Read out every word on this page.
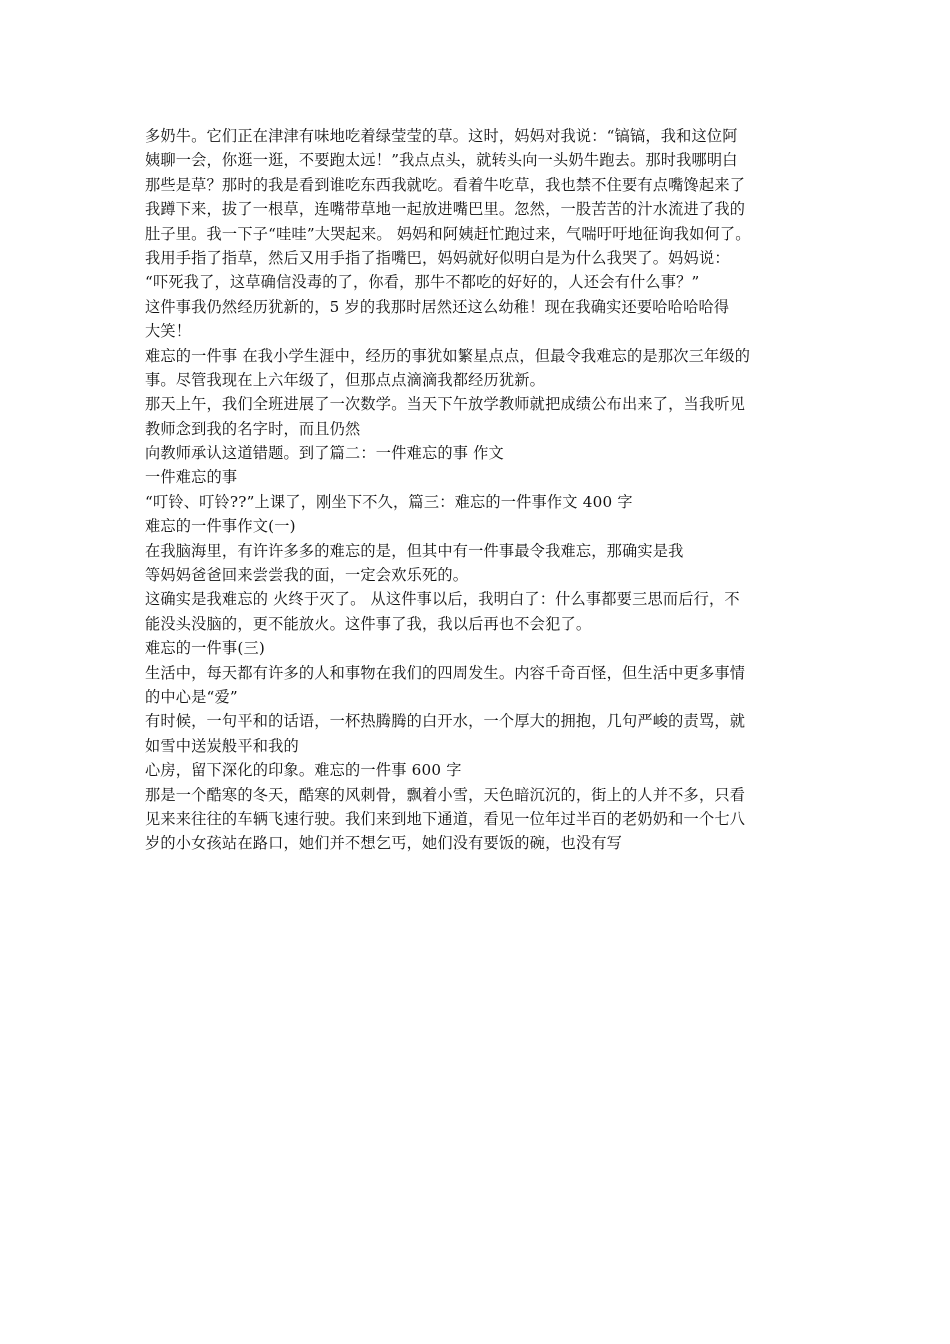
多奶牛。它们正在津津有味地吃着绿莹莹的草。这时，妈妈对我说：“镐镐，我和这位阿
姨聊一会，你逛一逛，不要跑太远！”我点点头，就转头向一头奶牛跑去。那时我哪明白
那些是草？那时的我是看到谁吃东西我就吃。看着牛吃草，我也禁不住要有点嘴馋起来了
我蹲下来，拔了一根草，连嘴带草地一起放进嘴巴里。忽然，一股苦苦的汁水流进了我的
肚子里。我一下子“哇哇”大哭起来。 妈妈和阿姨赶忙跑过来，气喘吁吁地征询我如何了。
我用手指了指草，然后又用手指了指嘴巴，妈妈就好似明白是为什么我哭了。妈妈说：
“吓死我了，这草确信没毒的了，你看，那牛不都吃的好好的，人还会有什么事？”
这件事我仍然经历犹新的，5 岁的我那时居然还这么幼稚！现在我确实还要哈哈哈哈得
大笑！
难忘的一件事 在我小学生涯中，经历的事犹如繁星点点，但最令我难忘的是那次三年级的
事。尽管我现在上六年级了，但那点点滴滴我都经历犹新。
那天上午，我们全班进展了一次数学。当天下午放学教师就把成绩公布出来了，当我听见
教师念到我的名字时，而且仍然
向教师承认这道错题。到了篇二：一件难忘的事 作文
一件难忘的事
“叮铃、叮铃??”上课了，刚坐下不久，篇三：难忘的一件事作文 400 字
难忘的一件事作文(一)
在我脑海里，有许许多多的难忘的是，但其中有一件事最令我难忘，那确实是我
等妈妈爸爸回来尝尝我的面，一定会欢乐死的。
这确实是我难忘的 火终于灭了。 从这件事以后，我明白了：什么事都要三思而后行，不
能没头没脑的，更不能放火。这件事了我，我以后再也不会犯了。
难忘的一件事(三)
生活中，每天都有许多的人和事物在我们的四周发生。内容千奇百怪，但生活中更多事情
的中心是“爱”
有时候，一句平和的话语，一杯热腾腾的白开水，一个厚大的拥抱，几句严峻的责骂，就
如雪中送炭般平和我的
心房，留下深化的印象。难忘的一件事 600 字
那是一个酷寒的冬天，酷寒的风刺骨，飘着小雪，天色暗沉沉的，街上的人并不多，只看
见来来往往的车辆飞速行驶。我们来到地下通道，看见一位年过半百的老奶奶和一个七八
岁的小女孩站在路口，她们并不想乞丐，她们没有要饭的碗，也没有写
